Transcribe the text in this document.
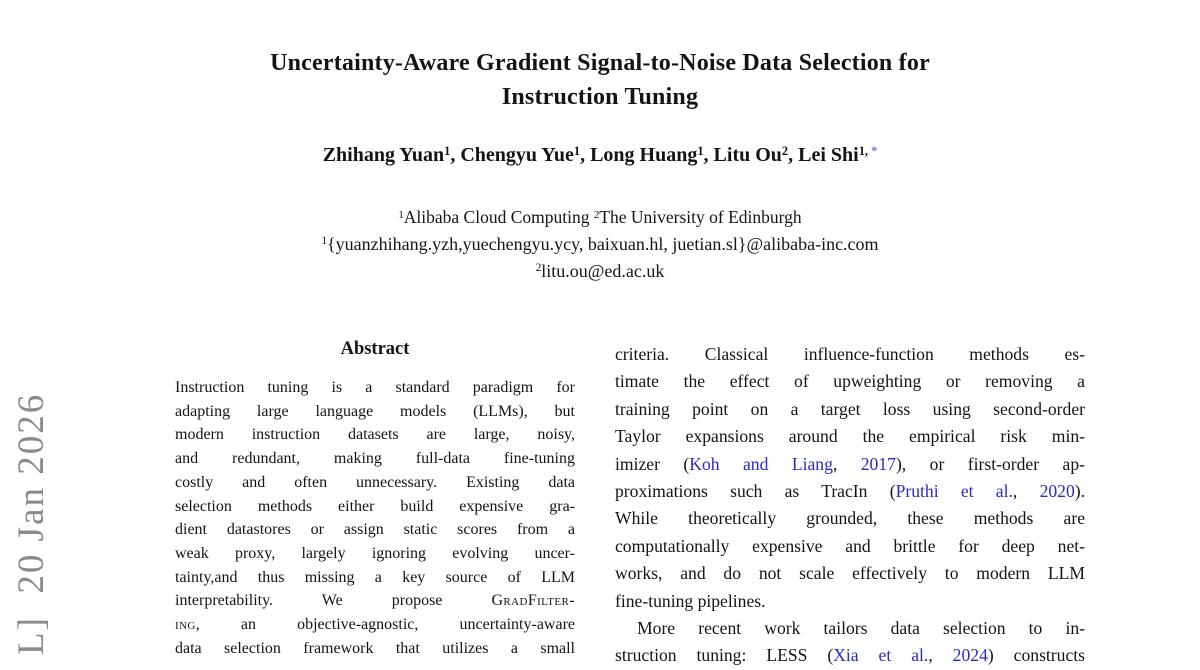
L]  20 Jan 2026
Uncertainty-Aware Gradient Signal-to-Noise Data Selection for
Instruction Tuning
Zhihang Yuan$^1$, Chengyu Yue$^1$, Long Huang$^1$, Litu Ou$^2$, Lei Shi$^{1,}$ *
$^1$Alibaba Cloud Computing $^2$The University of Edinburgh
$^1${yuanzhihang.yzh,yuechengyu.ycy, baixuan.hl, juetian.sl}@alibaba-inc.com
$^2$litu.ou@ed.ac.uk
Abstract
Instruction tuning is a standard paradigm for
adapting large language models (LLMs), but
modern instruction datasets are large, noisy,
and redundant, making full-data fine-tuning
costly and often unnecessary. Existing data
selection methods either build expensive gra-
dient datastores or assign static scores from a
weak proxy, largely ignoring evolving uncer-
tainty,and thus missing a key source of LLM
interpretability. We propose GradFilter-
ing, an objective-agnostic, uncertainty-aware
data selection framework that utilizes a small
criteria. Classical influence-function methods es-
timate the effect of upweighting or removing a
training point on a target loss using second-order
Taylor expansions around the empirical risk min-
imizer (Koh and Liang, 2017), or first-order ap-
proximations such as TracIn (Pruthi et al., 2020).
While theoretically grounded, these methods are
computationally expensive and brittle for deep net-
works, and do not scale effectively to modern LLM
fine-tuning pipelines.
More recent work tailors data selection to in-
struction tuning: LESS (Xia et al., 2024) constructs
